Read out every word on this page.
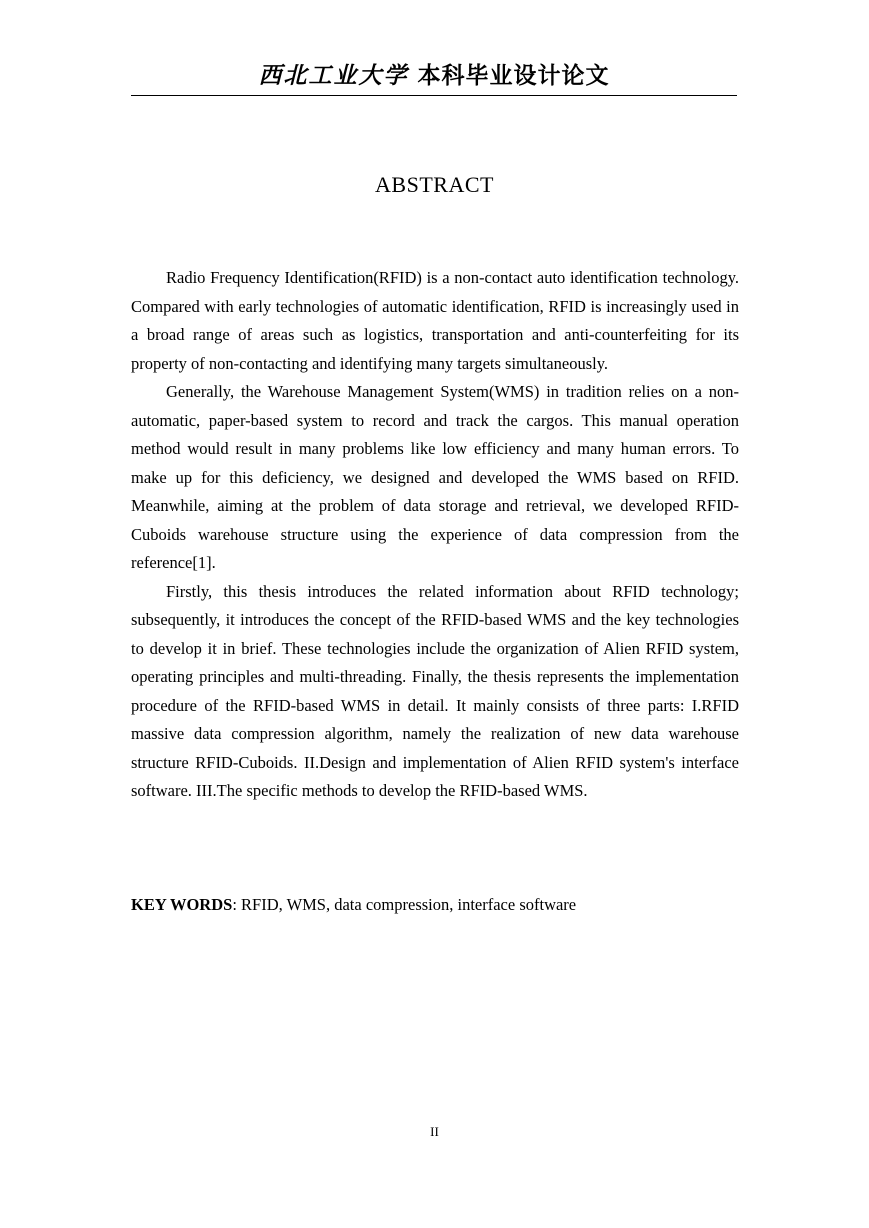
西北工业大学 本科毕业设计论文
ABSTRACT

Radio Frequency Identification(RFID) is a non-contact auto identification technology. Compared with early technologies of automatic identification, RFID is increasingly used in a broad range of areas such as logistics, transportation and anti-counterfeiting for its property of non-contacting and identifying many targets simultaneously.

Generally, the Warehouse Management System(WMS) in tradition relies on a non-automatic, paper-based system to record and track the cargos. This manual operation method would result in many problems like low efficiency and many human errors. To make up for this deficiency, we designed and developed the WMS based on RFID. Meanwhile, aiming at the problem of data storage and retrieval, we developed RFID-Cuboids warehouse structure using the experience of data compression from the reference[1].

Firstly, this thesis introduces the related information about RFID technology; subsequently, it introduces the concept of the RFID-based WMS and the key technologies to develop it in brief. These technologies include the organization of Alien RFID system, operating principles and multi-threading. Finally, the thesis represents the implementation procedure of the RFID-based WMS in detail. It mainly consists of three parts: I.RFID massive data compression algorithm, namely the realization of new data warehouse structure RFID-Cuboids. II.Design and implementation of Alien RFID system's interface software. III.The specific methods to develop the RFID-based WMS.

KEY WORDS: RFID, WMS, data compression, interface software
II
